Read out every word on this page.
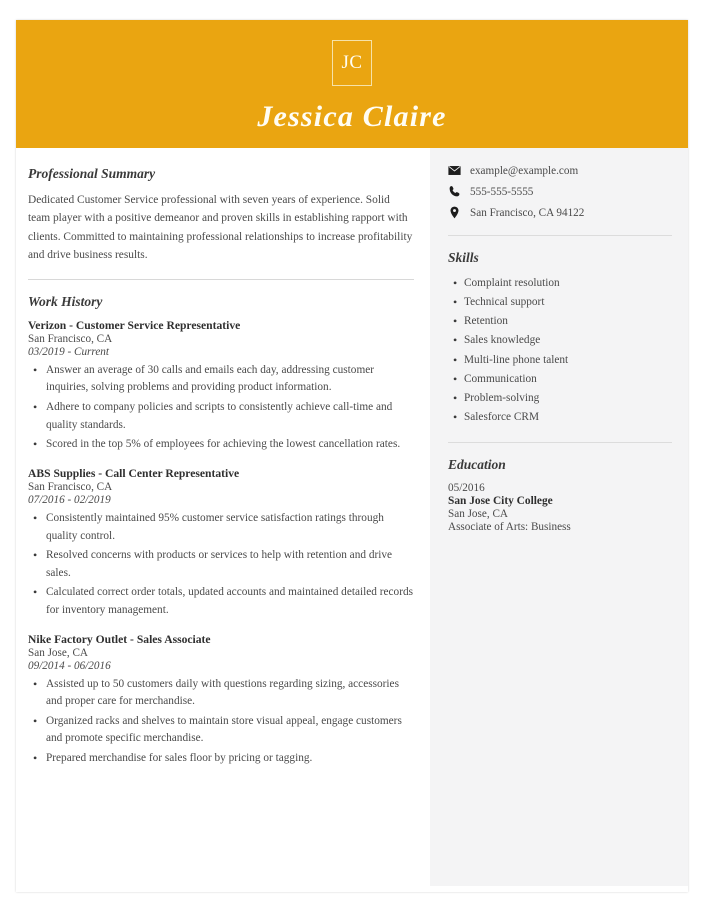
JC
Jessica Claire
Professional Summary

Dedicated Customer Service professional with seven years of experience. Solid team player with a positive demeanor and proven skills in establishing rapport with clients. Committed to maintaining professional relationships to increase profitability and drive business results.

Work History

Verizon - Customer Service Representative

San Francisco, CA

03/2019 - Current

• Answer an average of 30 calls and emails each day, addressing customer inquiries, solving problems and providing product information.
• Adhere to company policies and scripts to consistently achieve call-time and quality standards.
• Scored in the top 5% of employees for achieving the lowest cancellation rates.

ABS Supplies - Call Center Representative

San Francisco, CA

07/2016 - 02/2019

• Consistently maintained 95% customer service satisfaction ratings through quality control.
• Resolved concerns with products or services to help with retention and drive sales.
• Calculated correct order totals, updated accounts and maintained detailed records for inventory management.

Nike Factory Outlet - Sales Associate

San Jose, CA

09/2014 - 06/2016

• Assisted up to 50 customers daily with questions regarding sizing, accessories and proper care for merchandise.
• Organized racks and shelves to maintain store visual appeal, engage customers and promote specific merchandise.
• Prepared merchandise for sales floor by pricing or tagging.
example@example.com
555-555-5555
San Francisco, CA 94122
Skills
• Complaint resolution
• Technical support
• Retention
• Sales knowledge
• Multi-line phone talent
• Communication
• Problem-solving
• Salesforce CRM
Education

05/2016

San Jose City College

San Jose, CA

Associate of Arts: Business
